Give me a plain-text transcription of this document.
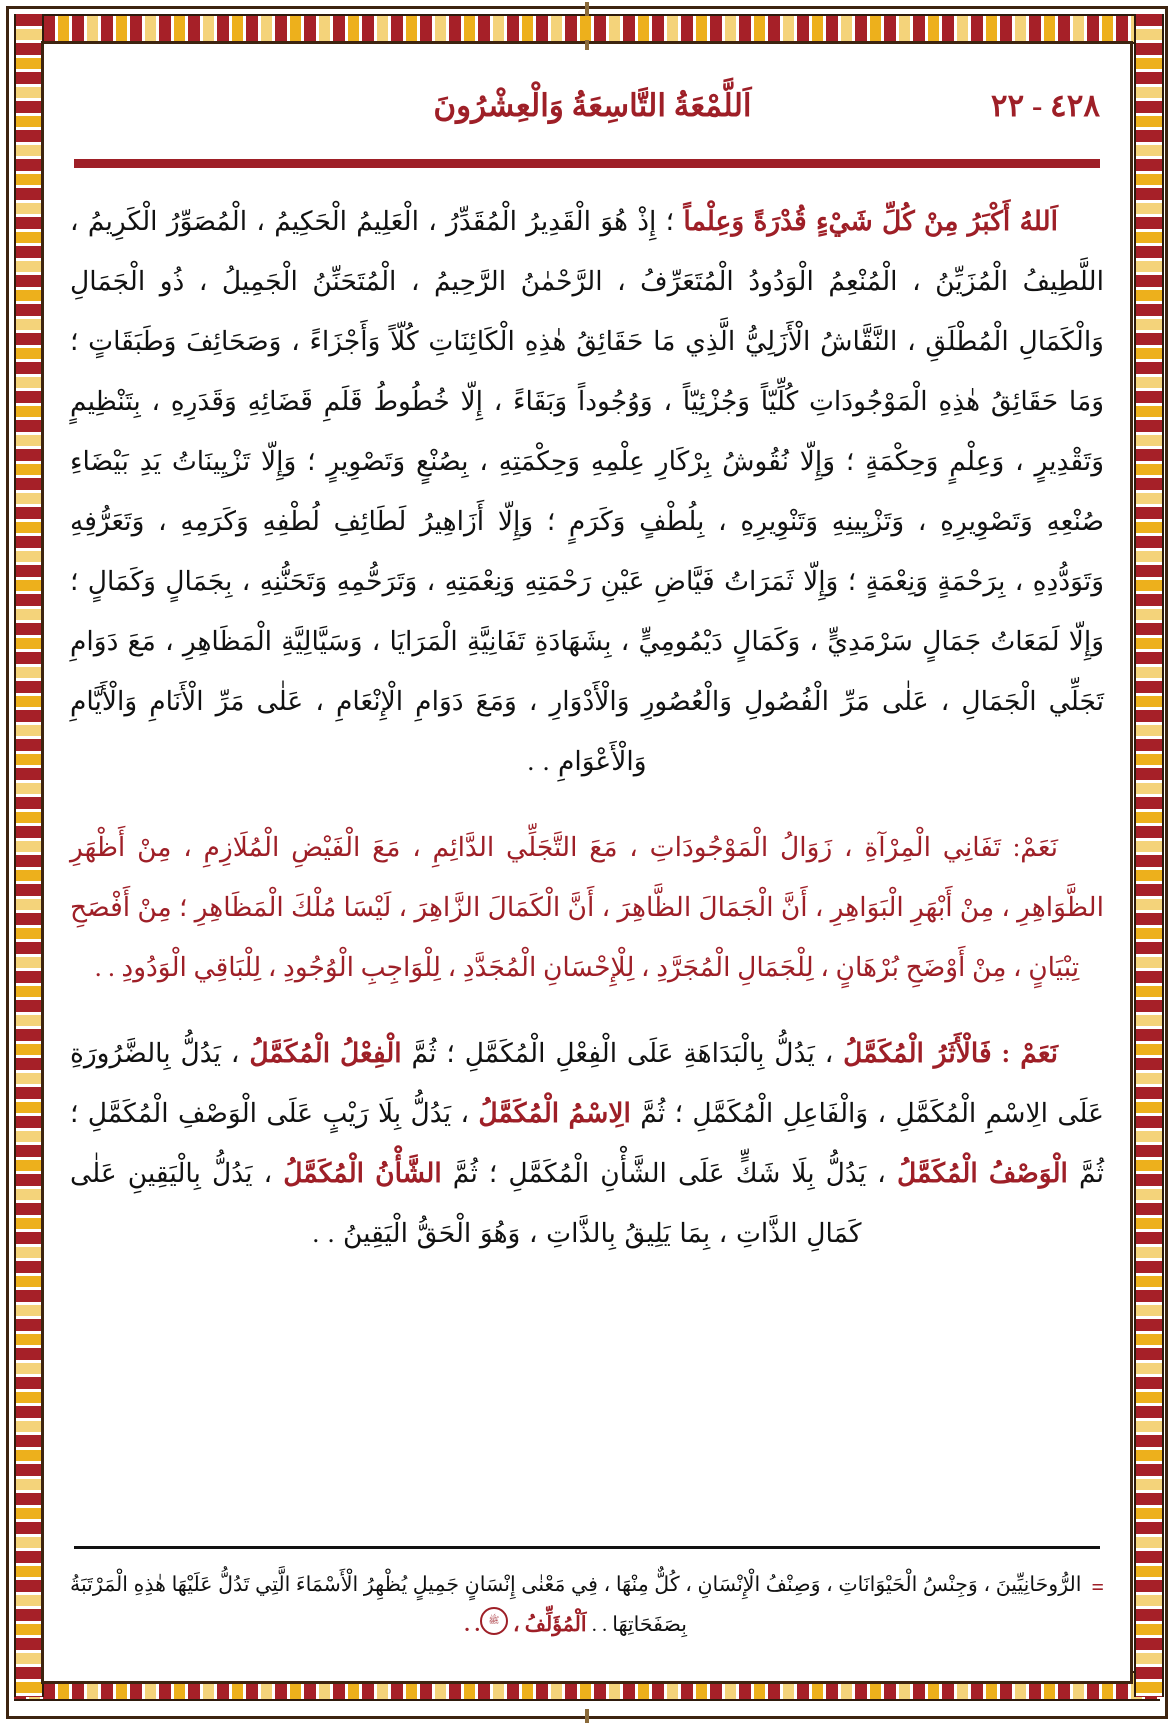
٤٢٨ - ٢٢
اَللَّمْعَةُ التَّاسِعَةُ وَالْعِشْرُونَ

اَللهُ أَكْبَرُ مِنْ كُلِّ شَيْءٍ قُدْرَةً وَعِلْماً ؛ إِذْ هُوَ الْقَدِيرُ الْمُقَدِّرُ ، الْعَلِيمُ الْحَكِيمُ ، الْمُصَوِّرُ الْكَرِيمُ ، اللَّطِيفُ الْمُزَيِّنُ ، الْمُنْعِمُ الْوَدُودُ الْمُتَعَرِّفُ ، الرَّحْمٰنُ الرَّحِيمُ ، الْمُتَحَنِّنُ الْجَمِيلُ ، ذُو الْجَمَالِ وَالْكَمَالِ الْمُطْلَقِ ، النَّقَّاشُ الْأَزَلِيُّ الَّذِي مَا حَقَائِقُ هٰذِهِ الْكَائِنَاتِ كُلّاً وَأَجْزَاءً ، وَصَحَائِفَ وَطَبَقَاتٍ ؛ وَمَا حَقَائِقُ هٰذِهِ الْمَوْجُودَاتِ كُلِّيّاً وَجُزْئِيّاً ، وَوُجُوداً وَبَقَاءً ، إِلّا خُطُوطُ قَلَمِ قَضَائِهِ وَقَدَرِهِ ، بِتَنْظِيمٍ وَتَقْدِيرٍ ، وَعِلْمٍ وَحِكْمَةٍ ؛ وَإِلّا نُقُوشُ بِرْكَارِ عِلْمِهِ وَحِكْمَتِهِ ، بِصُنْعٍ وَتَصْوِيرٍ ؛ وَإِلّا تَزْيِينَاتُ يَدِ بَيْضَاءِ صُنْعِهِ وَتَصْوِيرِهِ ، وَتَزْيِينِهِ وَتَنْوِيرِهِ ، بِلُطْفٍ وَكَرَمٍ ؛ وَإِلّا أَزَاهِيرُ لَطَائِفِ لُطْفِهِ وَكَرَمِهِ ، وَتَعَرُّفِهِ وَتَوَدُّدِهِ ، بِرَحْمَةٍ وَنِعْمَةٍ ؛ وَإِلّا ثَمَرَاتُ فَيَّاضِ عَيْنِ رَحْمَتِهِ وَنِعْمَتِهِ ، وَتَرَحُّمِهِ وَتَحَنُّنِهِ ، بِجَمَالٍ وَكَمَالٍ ؛ وَإِلّا لَمَعَاتُ جَمَالٍ سَرْمَدِيٍّ ، وَكَمَالٍ دَيْمُومِيٍّ ، بِشَهَادَةِ تَفَانِيَّةِ الْمَرَايَا ، وَسَيَّالِيَّةِ الْمَظَاهِرِ ، مَعَ دَوَامِ تَجَلِّي الْجَمَالِ ، عَلٰى مَرِّ الْفُصُولِ وَالْعُصُورِ وَالْأَدْوَارِ ، وَمَعَ دَوَامِ الْإِنْعَامِ ، عَلٰى مَرِّ الْأَنَامِ وَالْأَيَّامِ وَالْأَعْوَامِ . .

نَعَمْ: تَفَانِي الْمِرْآةِ ، زَوَالُ الْمَوْجُودَاتِ ، مَعَ التَّجَلِّي الدَّائِمِ ، مَعَ الْفَيْضِ الْمُلَازِمِ ، مِنْ أَظْهَرِ الظَّوَاهِرِ ، مِنْ أَبْهَرِ الْبَوَاهِرِ ، أَنَّ الْجَمَالَ الظَّاهِرَ ، أَنَّ الْكَمَالَ الزَّاهِرَ ، لَيْسَا مُلْكَ الْمَظَاهِرِ ؛ مِنْ أَفْصَحِ تِبْيَانٍ ، مِنْ أَوْضَحِ بُرْهَانٍ ، لِلْجَمَالِ الْمُجَرَّدِ ، لِلْإِحْسَانِ الْمُجَدَّدِ ، لِلْوَاجِبِ الْوُجُودِ ، لِلْبَاقِي الْوَدُودِ . .

نَعَمْ : فَالْأَثَرُ الْمُكَمَّلُ ، يَدُلُّ بِالْبَدَاهَةِ عَلَى الْفِعْلِ الْمُكَمَّلِ ؛ ثُمَّ الْفِعْلُ الْمُكَمَّلُ ، يَدُلُّ بِالضَّرُورَةِ عَلَى الِاسْمِ الْمُكَمَّلِ ، وَالْفَاعِلِ الْمُكَمَّلِ ؛ ثُمَّ الِاسْمُ الْمُكَمَّلُ ، يَدُلُّ بِلَا رَيْبٍ عَلَى الْوَصْفِ الْمُكَمَّلِ ؛ ثُمَّ الْوَصْفُ الْمُكَمَّلُ ، يَدُلُّ بِلَا شَكٍّ عَلَى الشَّأْنِ الْمُكَمَّلِ ؛ ثُمَّ الشَّأْنُ الْمُكَمَّلُ ، يَدُلُّ بِالْيَقِينِ عَلٰى كَمَالِ الذَّاتِ ، بِمَا يَلِيقُ بِالذَّاتِ ، وَهُوَ الْحَقُّ الْيَقِينُ . .

=
الرُّوحَانِيِّينَ ، وَجِنْسُ الْحَيْوَانَاتِ ، وَصِنْفُ الْإِنْسَانِ ، كُلٌّ مِنْهَا ، فِي مَعْنٰى إِنْسَانٍ جَمِيلٍ يُظْهِرُ الْأَسْمَاءَ الَّتِي تَدُلُّ عَلَيْهَا هٰذِهِ الْمَرْتَبَةُ بِصَفَحَاتِهَا . . اَلْمُؤَلِّفُ ، ﷺ. .
